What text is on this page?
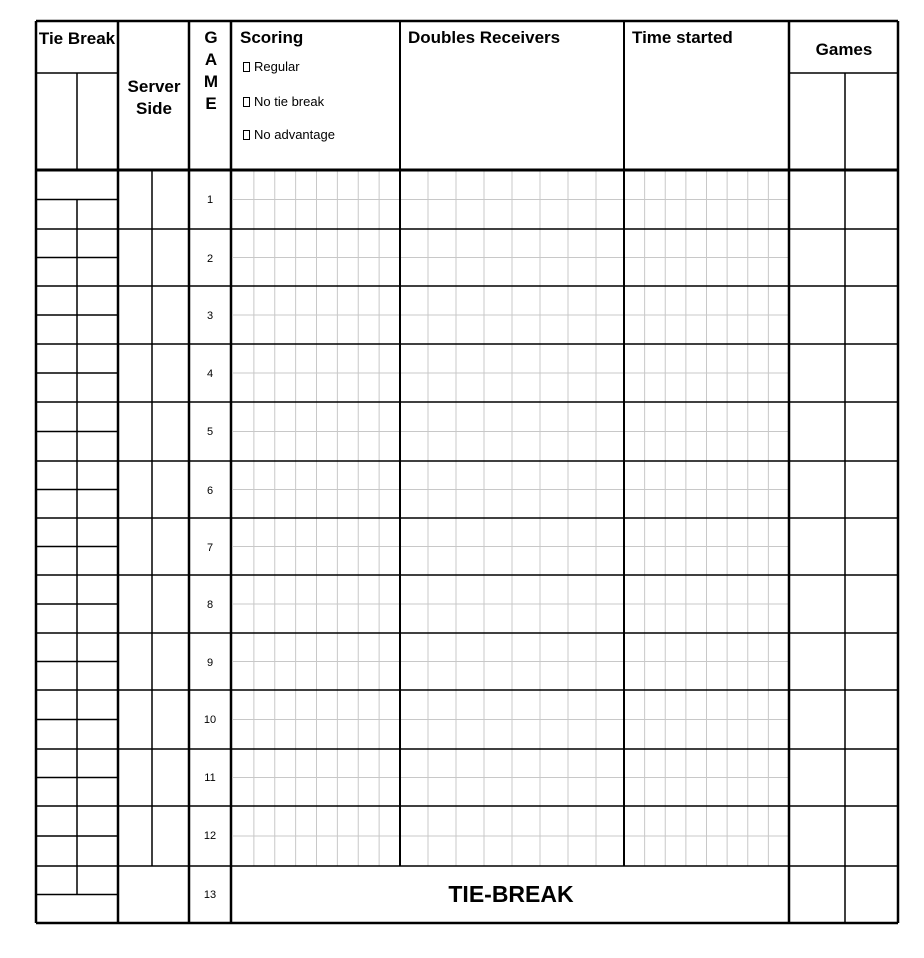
Tie Break
Server
Side
G
A
M
E
Scoring
Regular
No tie break
No advantage
Doubles Receivers	Time started
Games
1
2
3
4
5
6
7
8
9
10
11
12
13	TIE-BREAK
